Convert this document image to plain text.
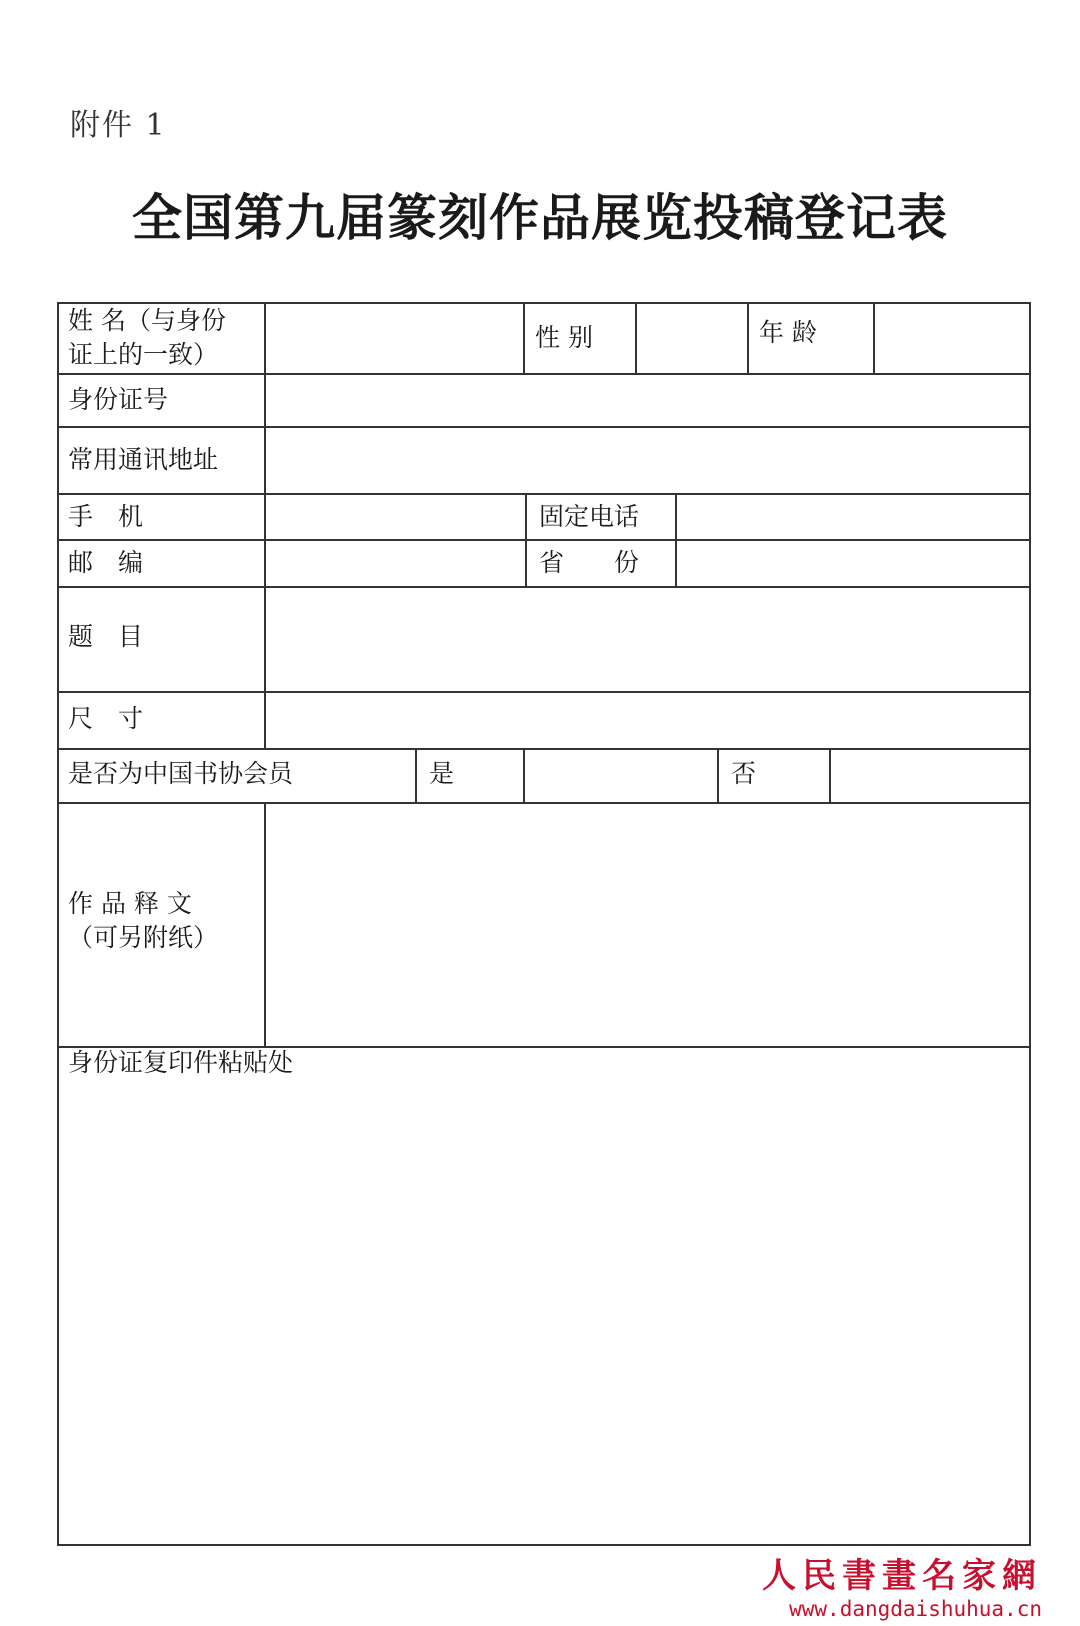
附件 1
全国第九届篆刻作品展览投稿登记表
姓 名（与身份
证上的一致）
性 别	年 龄
身份证号
常用通讯地址
手　机	固定电话
邮　编	省　　份
题　目
尺　寸
是否为中国书协会员	是	否
作 品 释 文
（可另附纸）
身份证复印件粘贴处
人民書畫名家網
www.dangdaishuhua.cn
